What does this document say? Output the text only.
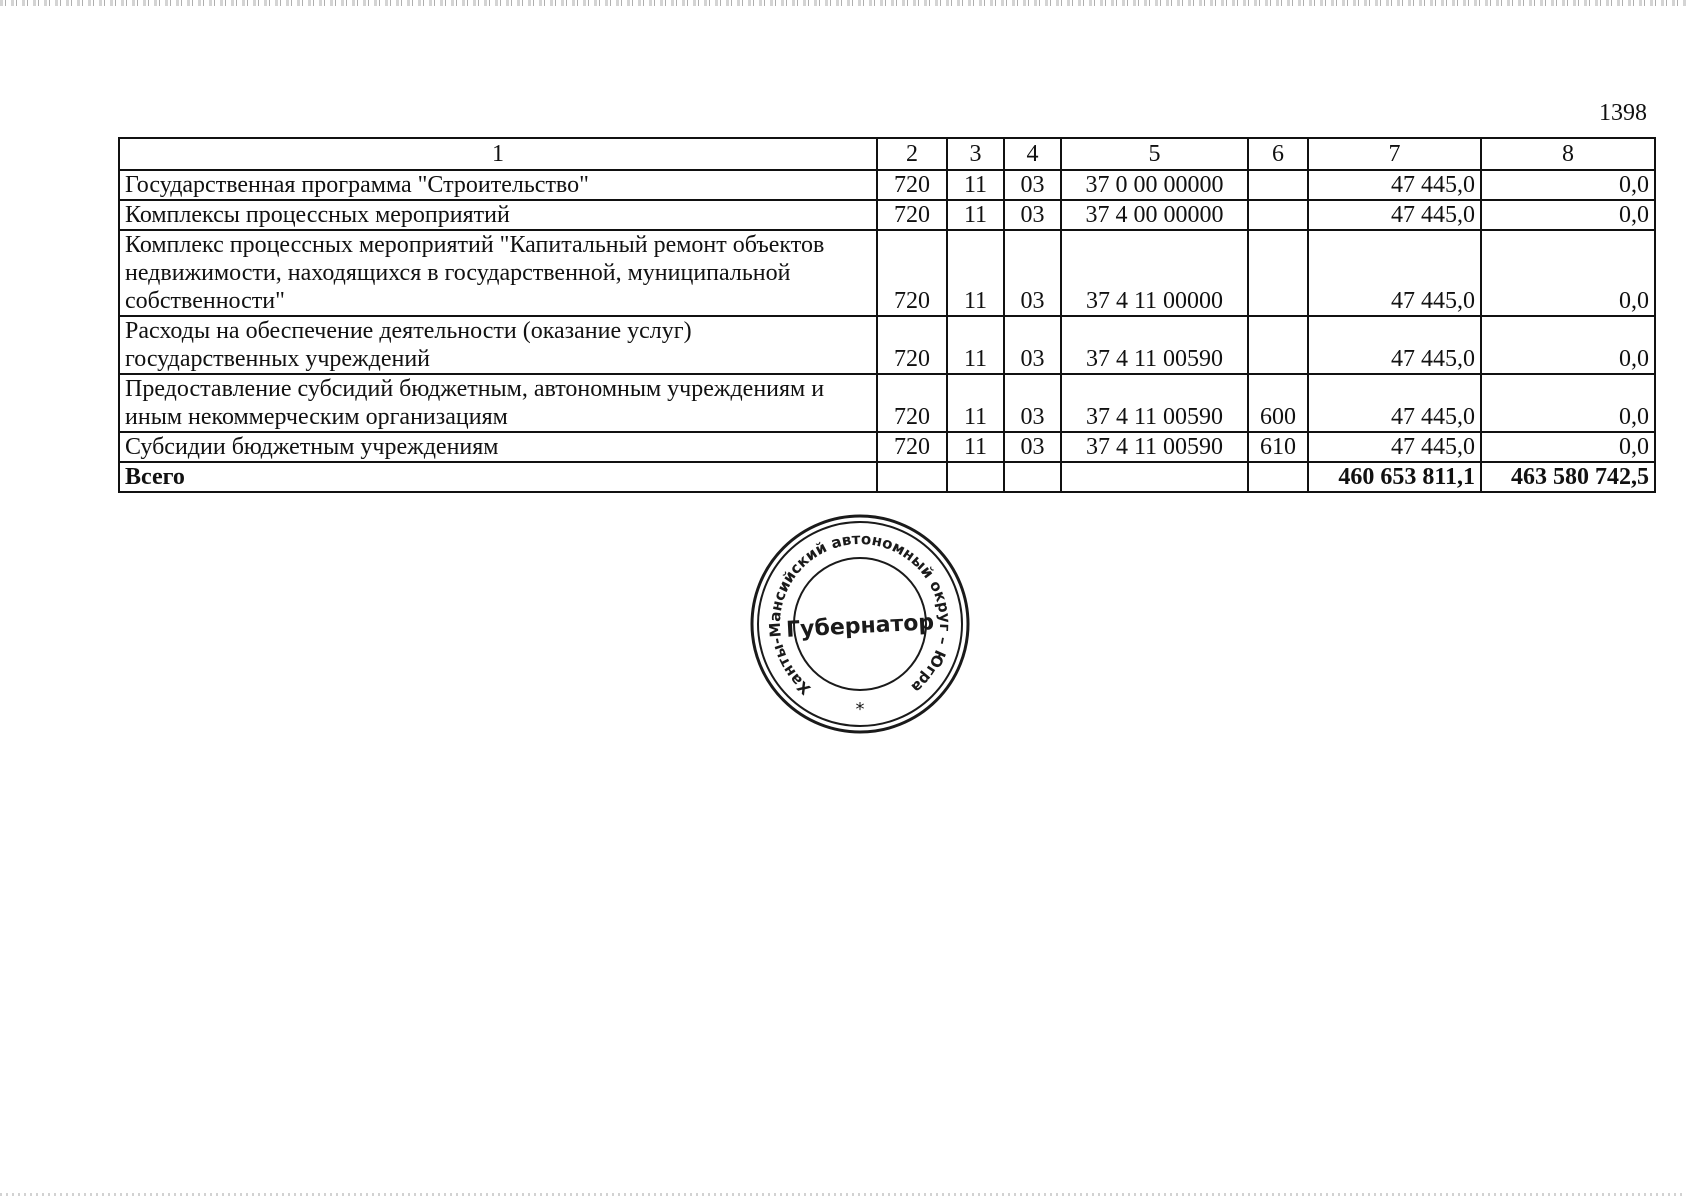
1398
1	2	3	4	5	6	7	8
Государственная программа "Строительство"	720	11	03	37 0 00 00000		47 445,0	0,0
Комплексы процессных мероприятий	720	11	03	37 4 00 00000		47 445,0	0,0
Комплекс процессных мероприятий "Капитальный ремонт объектов недвижимости, находящихся в государственной, муниципальной собственности"	720	11	03	37 4 11 00000		47 445,0	0,0
Расходы на обеспечение деятельности (оказание услуг) государственных учреждений	720	11	03	37 4 11 00590		47 445,0	0,0
Предоставление субсидий бюджетным, автономным учреждениям и иным некоммерческим организациям	720	11	03	37 4 11 00590	600	47 445,0	0,0
Субсидии бюджетным учреждениям	720	11	03	37 4 11 00590	610	47 445,0	0,0
Всего						460 653 811,1	463 580 742,5
Ханты-Мансийский автономный округ – Югра
Губернатор
*
